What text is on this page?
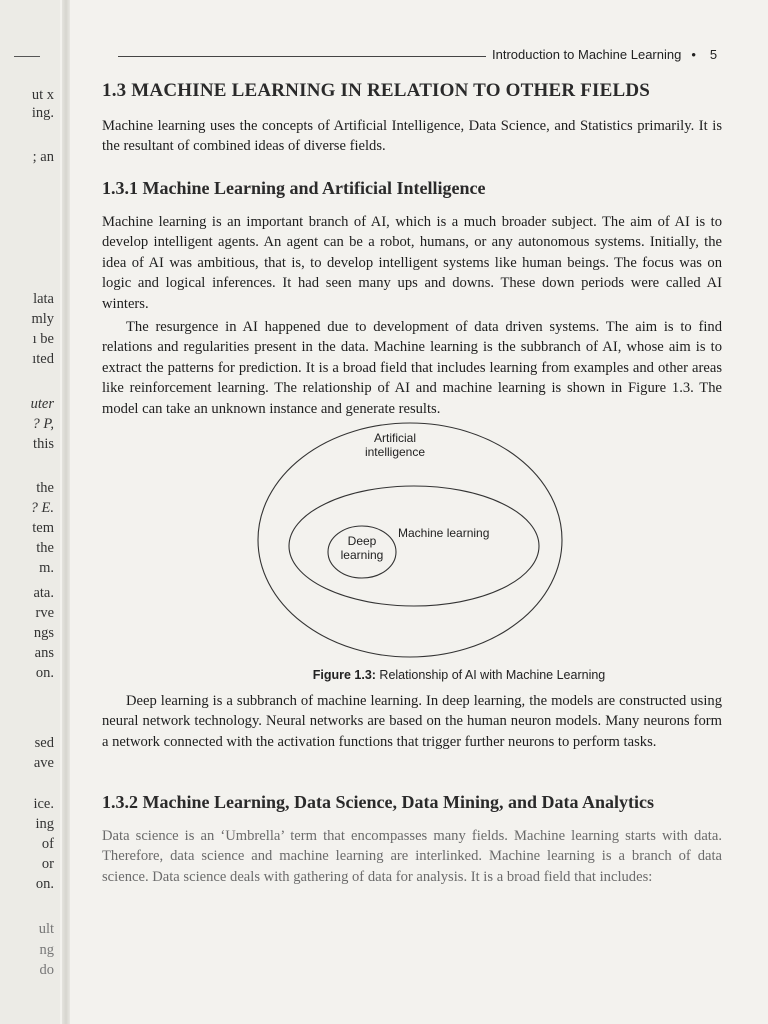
ut x
ing.
; an
lata
mly
ı be
ıted
uter
? P,
this
the
? E.
tem
the
m.
ata.
rve
ngs
ans
on.
sed
ave
ice.
ing
of
or
on.
ult
ng
do
Introduction to Machine Learning • 5
1.3 MACHINE LEARNING IN RELATION TO OTHER FIELDS

Machine learning uses the concepts of Artificial Intelligence, Data Science, and Statistics primarily. It is the resultant of combined ideas of diverse fields.

1.3.1 Machine Learning and Artificial Intelligence

Machine learning is an important branch of AI, which is a much broader subject. The aim of AI is to develop intelligent agents. An agent can be a robot, humans, or any autonomous systems. Initially, the idea of AI was ambitious, that is, to develop intelligent systems like human beings. The focus was on logic and logical inferences. It had seen many ups and downs. These down periods were called AI winters.

The resurgence in AI happened due to development of data driven systems. The aim is to find relations and regularities present in the data. Machine learning is the subbranch of AI, whose aim is to extract the patterns for prediction. It is a broad field that includes learning from examples and other areas like reinforcement learning. The relationship of AI and machine learning is shown in Figure 1.3. The model can take an unknown instance and generate results.

Artificial
intelligence
Machine learning
Deep
learning
Figure 1.3: Relationship of AI with Machine Learning

Deep learning is a subbranch of machine learning. In deep learning, the models are constructed using neural network technology. Neural networks are based on the human neuron models. Many neurons form a network connected with the activation functions that trigger further neurons to perform tasks.

1.3.2 Machine Learning, Data Science, Data Mining, and Data Analytics

Data science is an ‘Umbrella’ term that encompasses many fields. Machine learning starts with data. Therefore, data science and machine learning are interlinked. Machine learning is a branch of data science. Data science deals with gathering of data for analysis. It is a broad field that includes:
